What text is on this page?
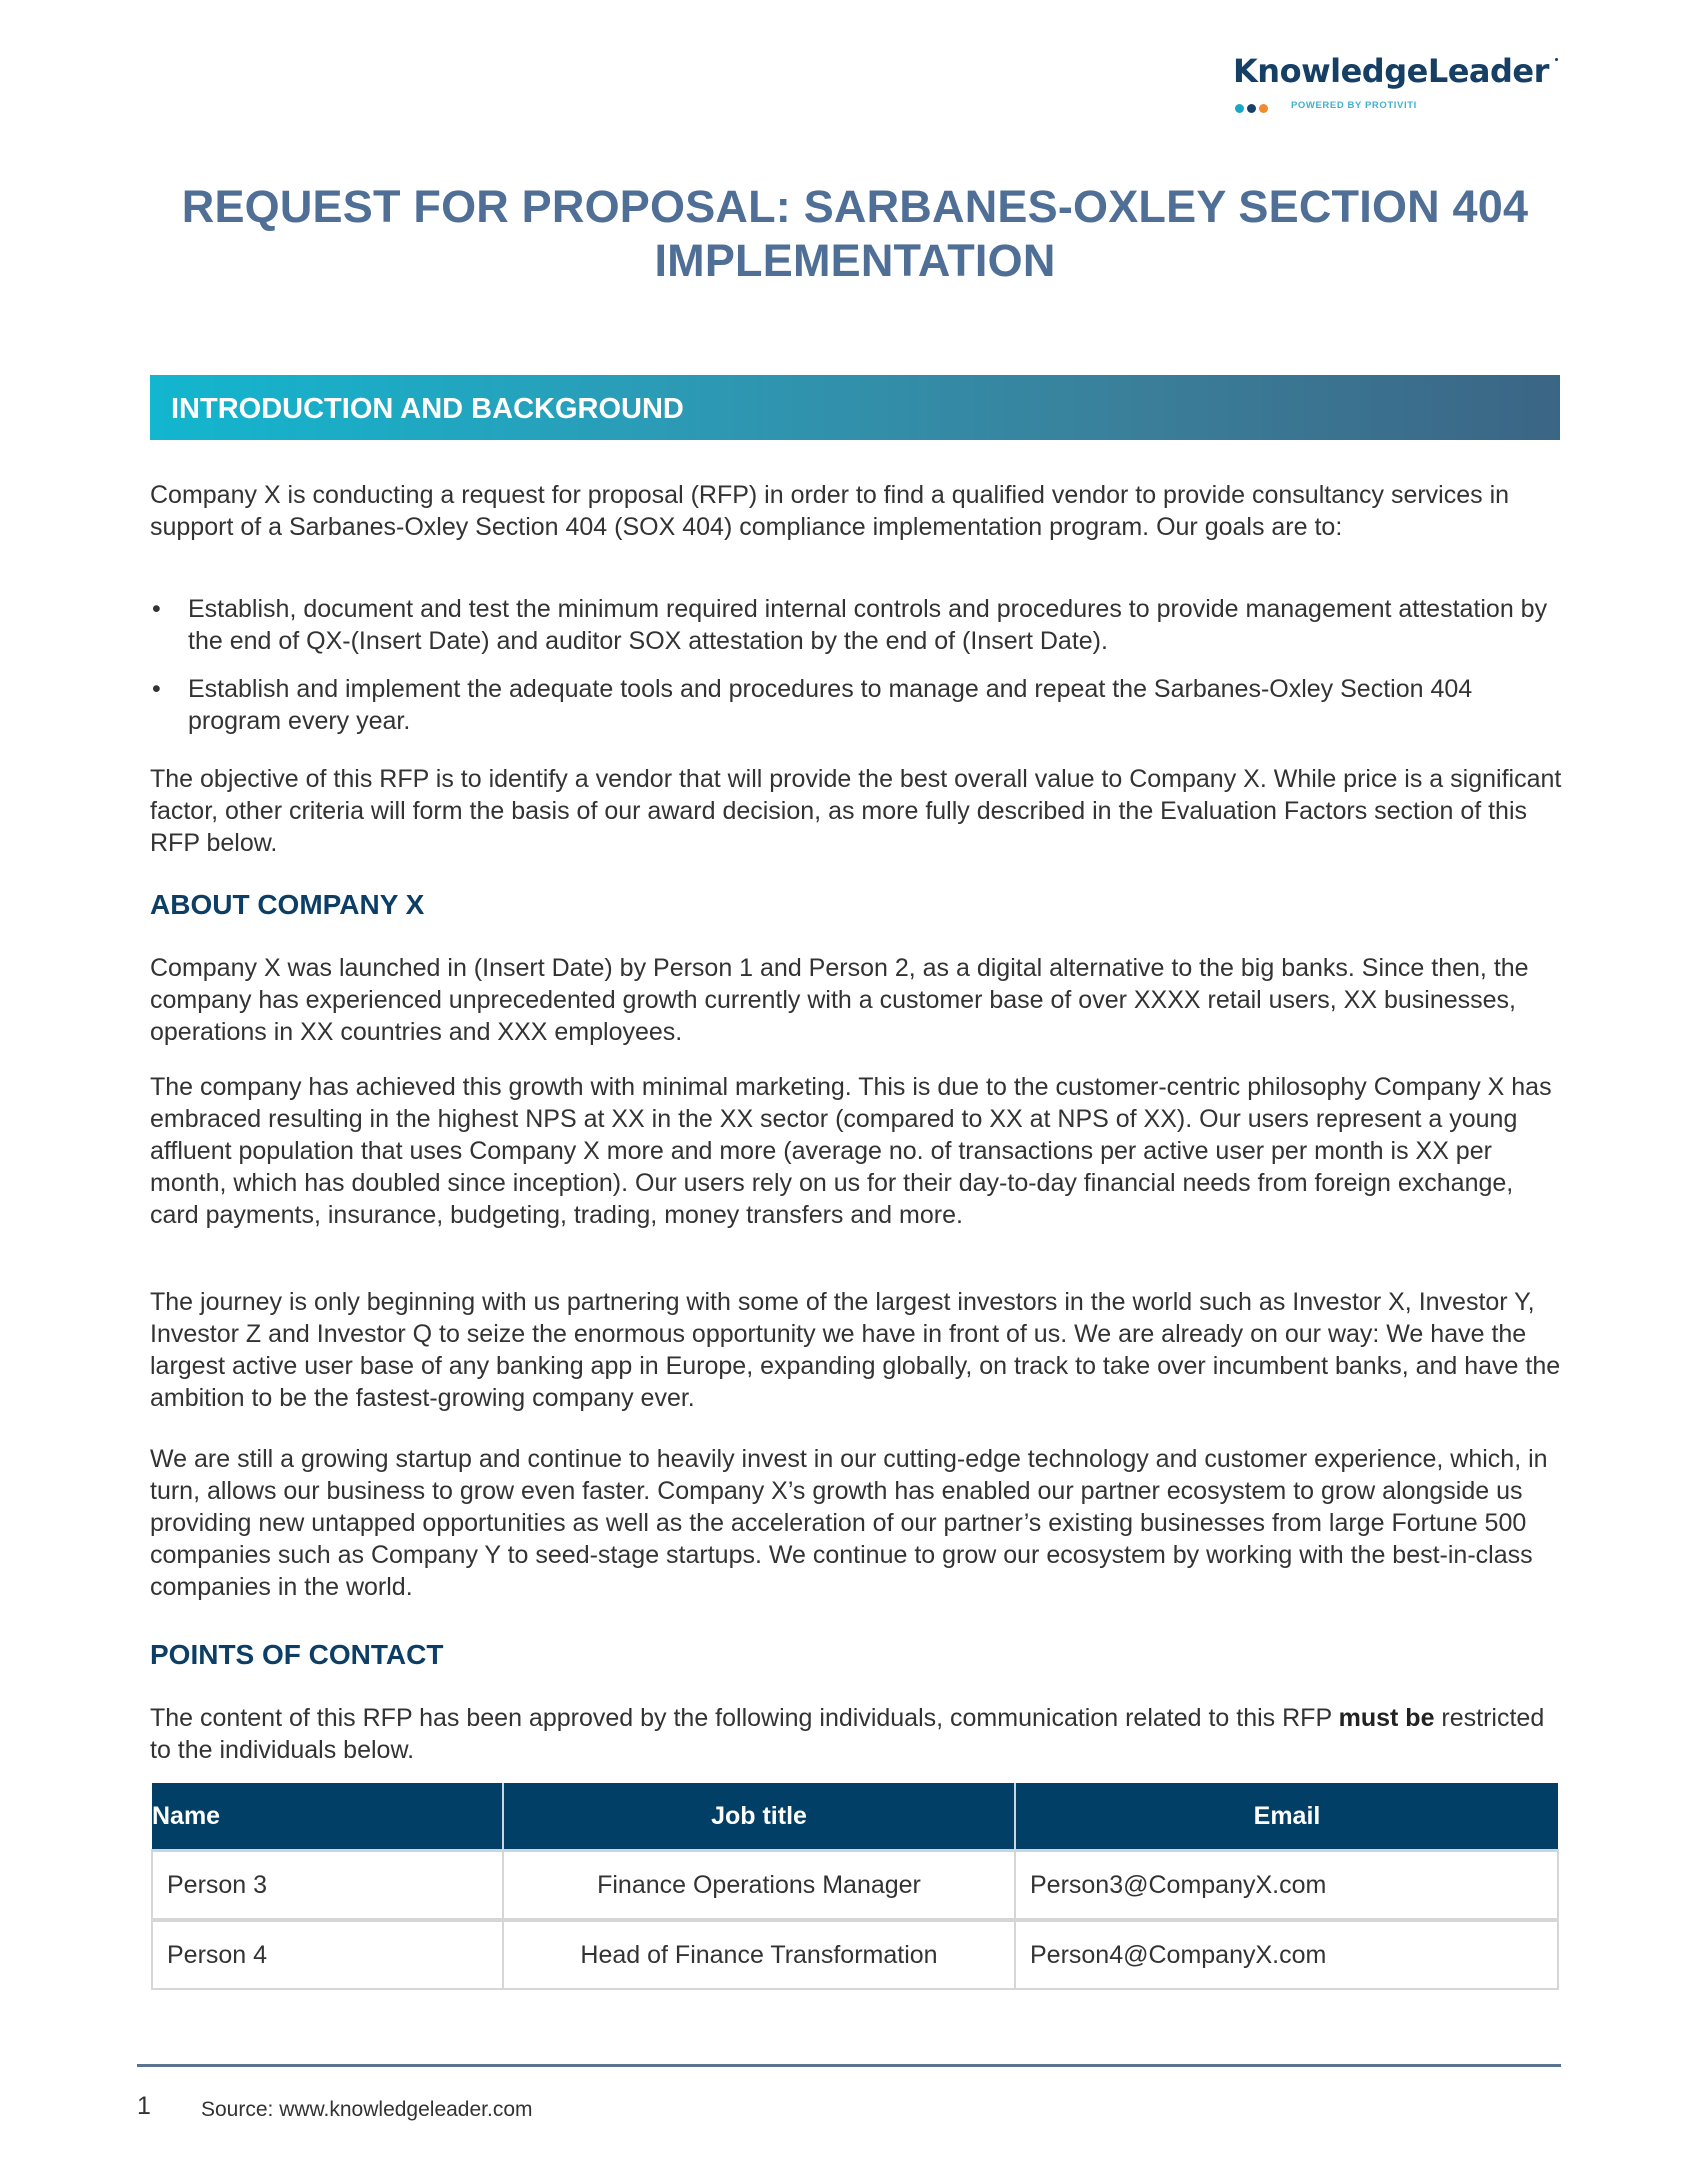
KnowledgeLeader
POWERED BY PROTIVITI
REQUEST FOR PROPOSAL: SARBANES-OXLEY SECTION 404 IMPLEMENTATION
INTRODUCTION AND BACKGROUND
Company X is conducting a request for proposal (RFP) in order to find a qualified vendor to provide consultancy services in support of a Sarbanes-Oxley Section 404 (SOX 404) compliance implementation program. Our goals are to:
• Establish, document and test the minimum required internal controls and procedures to provide management attestation by the end of QX-(Insert Date) and auditor SOX attestation by the end of (Insert Date).
• Establish and implement the adequate tools and procedures to manage and repeat the Sarbanes-Oxley Section 404 program every year.
The objective of this RFP is to identify a vendor that will provide the best overall value to Company X. While price is a significant factor, other criteria will form the basis of our award decision, as more fully described in the Evaluation Factors section of this RFP below.
ABOUT COMPANY X
Company X was launched in (Insert Date) by Person 1 and Person 2, as a digital alternative to the big banks. Since then, the company has experienced unprecedented growth currently with a customer base of over XXXX retail users, XX businesses, operations in XX countries and XXX employees.
The company has achieved this growth with minimal marketing. This is due to the customer-centric philosophy Company X has embraced resulting in the highest NPS at XX in the XX sector (compared to XX at NPS of XX). Our users represent a young affluent population that uses Company X more and more (average no. of transactions per active user per month is XX per month, which has doubled since inception). Our users rely on us for their day-to-day financial needs from foreign exchange, card payments, insurance, budgeting, trading, money transfers and more.
The journey is only beginning with us partnering with some of the largest investors in the world such as Investor X, Investor Y, Investor Z and Investor Q to seize the enormous opportunity we have in front of us. We are already on our way: We have the largest active user base of any banking app in Europe, expanding globally, on track to take over incumbent banks, and have the ambition to be the fastest-growing company ever.
We are still a growing startup and continue to heavily invest in our cutting-edge technology and customer experience, which, in turn, allows our business to grow even faster. Company X’s growth has enabled our partner ecosystem to grow alongside us providing new untapped opportunities as well as the acceleration of our partner’s existing businesses from large Fortune 500 companies such as Company Y to seed-stage startups. We continue to grow our ecosystem by working with the best-in-class companies in the world.
POINTS OF CONTACT
The content of this RFP has been approved by the following individuals, communication related to this RFP must be restricted to the individuals below.
Name	Job title	Email
Person 3	Finance Operations Manager	Person3@CompanyX.com
Person 4	Head of Finance Transformation	Person4@CompanyX.com
1 Source: www.knowledgeleader.com
